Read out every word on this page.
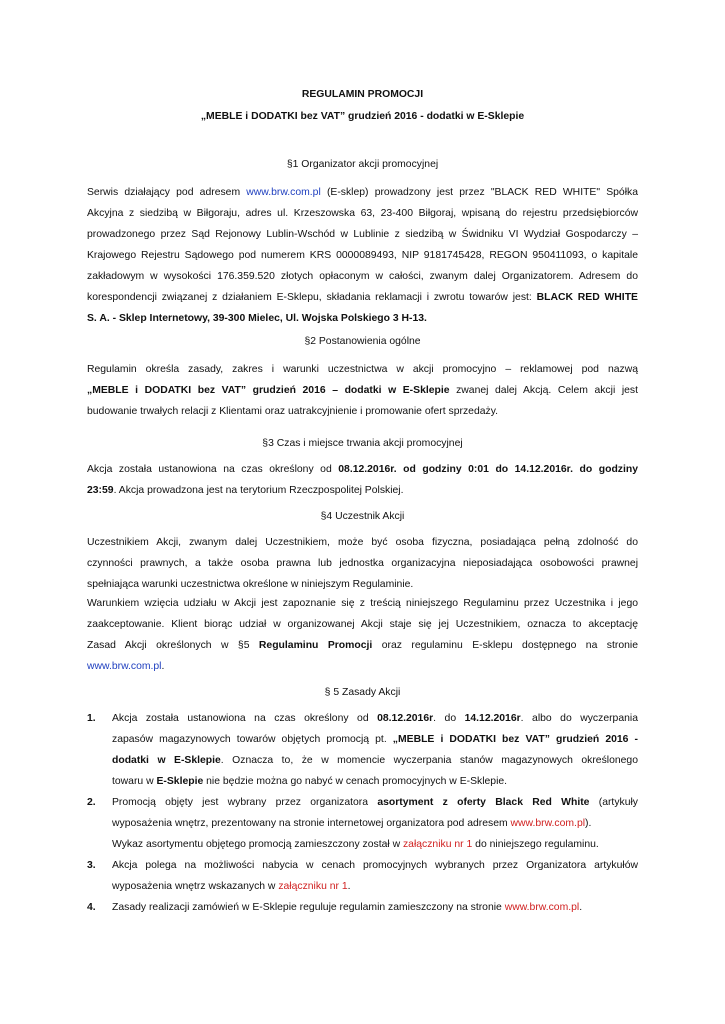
REGULAMIN PROMOCJI
„MEBLE i DODATKI bez VAT” grudzień 2016 - dodatki w E-Sklepie
§1 Organizator akcji promocyjnej
Serwis działający pod adresem www.brw.com.pl (E-sklep) prowadzony jest przez "BLACK RED WHITE" Spółka
Akcyjna z siedzibą w Biłgoraju, adres ul. Krzeszowska 63, 23-400 Biłgoraj, wpisaną do rejestru przedsiębiorców
prowadzonego przez Sąd Rejonowy Lublin-Wschód w Lublinie z siedzibą w Świdniku VI Wydział Gospodarczy –
Krajowego Rejestru Sądowego pod numerem KRS 0000089493, NIP 9181745428, REGON 950411093, o kapitale
zakładowym w wysokości 176.359.520 złotych opłaconym w całości, zwanym dalej Organizatorem. Adresem do
korespondencji związanej z działaniem E-Sklepu, składania reklamacji i zwrotu towarów jest: BLACK RED WHITE
S. A. - Sklep Internetowy, 39-300 Mielec, Ul. Wojska Polskiego 3 H-13.
§2 Postanowienia ogólne
Regulamin określa zasady, zakres i warunki uczestnictwa w akcji promocyjno – reklamowej pod nazwą
„MEBLE i DODATKI bez VAT” grudzień 2016 – dodatki w E-Sklepie zwanej dalej Akcją. Celem akcji jest
budowanie trwałych relacji z Klientami oraz uatrakcyjnienie i promowanie ofert sprzedaży.
§3 Czas i miejsce trwania akcji promocyjnej
Akcja została ustanowiona na czas określony od 08.12.2016r. od godziny 0:01 do 14.12.2016r. do godziny
23:59. Akcja prowadzona jest na terytorium Rzeczpospolitej Polskiej.
§4 Uczestnik Akcji
Uczestnikiem Akcji, zwanym dalej Uczestnikiem, może być osoba fizyczna, posiadająca pełną zdolność do
czynności prawnych, a także osoba prawna lub jednostka organizacyjna nieposiadająca osobowości prawnej
spełniająca warunki uczestnictwa określone w niniejszym Regulaminie.
Warunkiem wzięcia udziału w Akcji jest zapoznanie się z treścią niniejszego Regulaminu przez Uczestnika i jego
zaakceptowanie. Klient biorąc udział w organizowanej Akcji staje się jej Uczestnikiem, oznacza to akceptację
Zasad Akcji określonych w §5 Regulaminu Promocji oraz regulaminu E-sklepu dostępnego na stronie
www.brw.com.pl.
§ 5 Zasady Akcji
1. Akcja została ustanowiona na czas określony od 08.12.2016r. do 14.12.2016r. albo do wyczerpania
zapasów magazynowych towarów objętych promocją pt. „MEBLE i DODATKI bez VAT” grudzień 2016 -
dodatki w E-Sklepie. Oznacza to, że w momencie wyczerpania stanów magazynowych określonego
towaru w E-Sklepie nie będzie można go nabyć w cenach promocyjnych w E-Sklepie.
2. Promocją objęty jest wybrany przez organizatora asortyment z oferty Black Red White (artykuły
wyposażenia wnętrz, prezentowany na stronie internetowej organizatora pod adresem www.brw.com.pl).
Wykaz asortymentu objętego promocją zamieszczony został w załączniku nr 1 do niniejszego regulaminu.
3. Akcja polega na możliwości nabycia w cenach promocyjnych wybranych przez Organizatora artykułów
wyposażenia wnętrz wskazanych w załączniku nr 1.
4. Zasady realizacji zamówień w E-Sklepie reguluje regulamin zamieszczony na stronie www.brw.com.pl.
